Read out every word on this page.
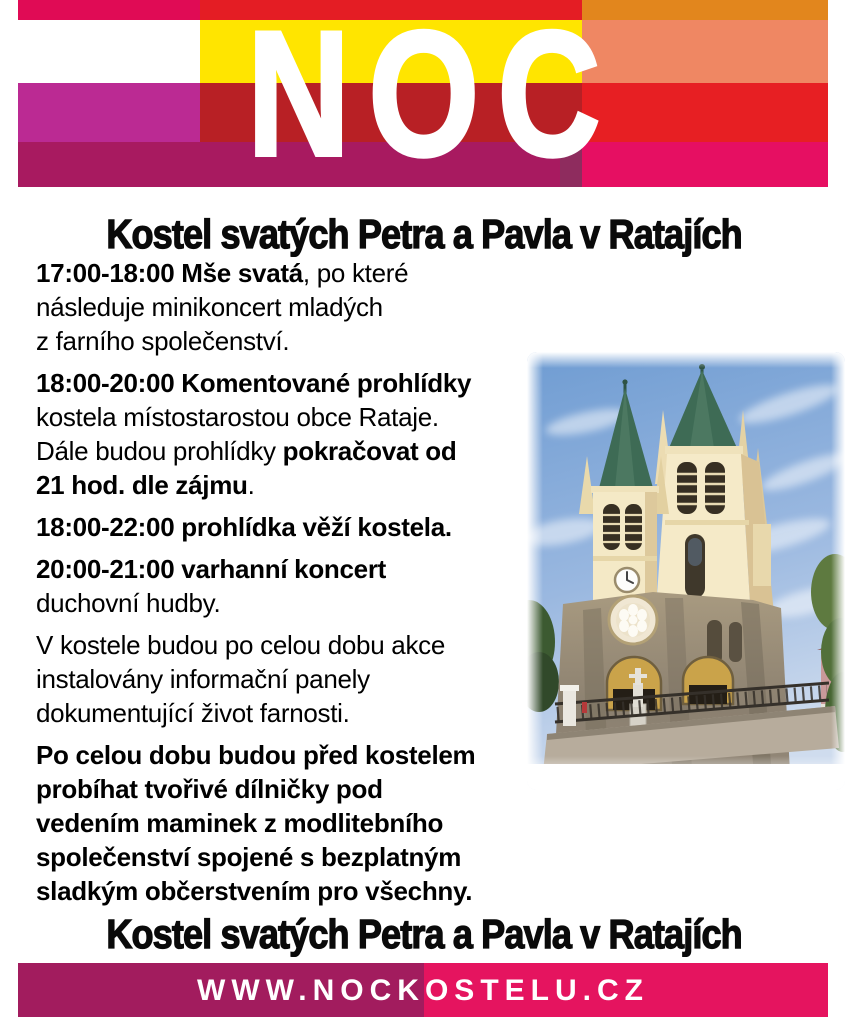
NOC
Kostel svatých Petra a Pavla v Ratajích

17:00-18:00 Mše svatá, po které
následuje minikoncert mladých
z farního společenství.

18:00-20:00 Komentované prohlídky
kostela místostarostou obce Rataje.
Dále budou prohlídky pokračovat od
21 hod. dle zájmu.

18:00-22:00 prohlídka věží kostela.

20:00-21:00 varhanní koncert
duchovní hudby.

V kostele budou po celou dobu akce
instalovány informační panely
dokumentující život farnosti.

Po celou dobu budou před kostelem
probíhat tvořivé dílničky pod
vedením maminek z modlitebního
společenství spojené s bezplatným
sladkým občerstvením pro všechny.

Kostel svatých Petra a Pavla v Ratajích
WWW.NOCKOSTELU.CZ
